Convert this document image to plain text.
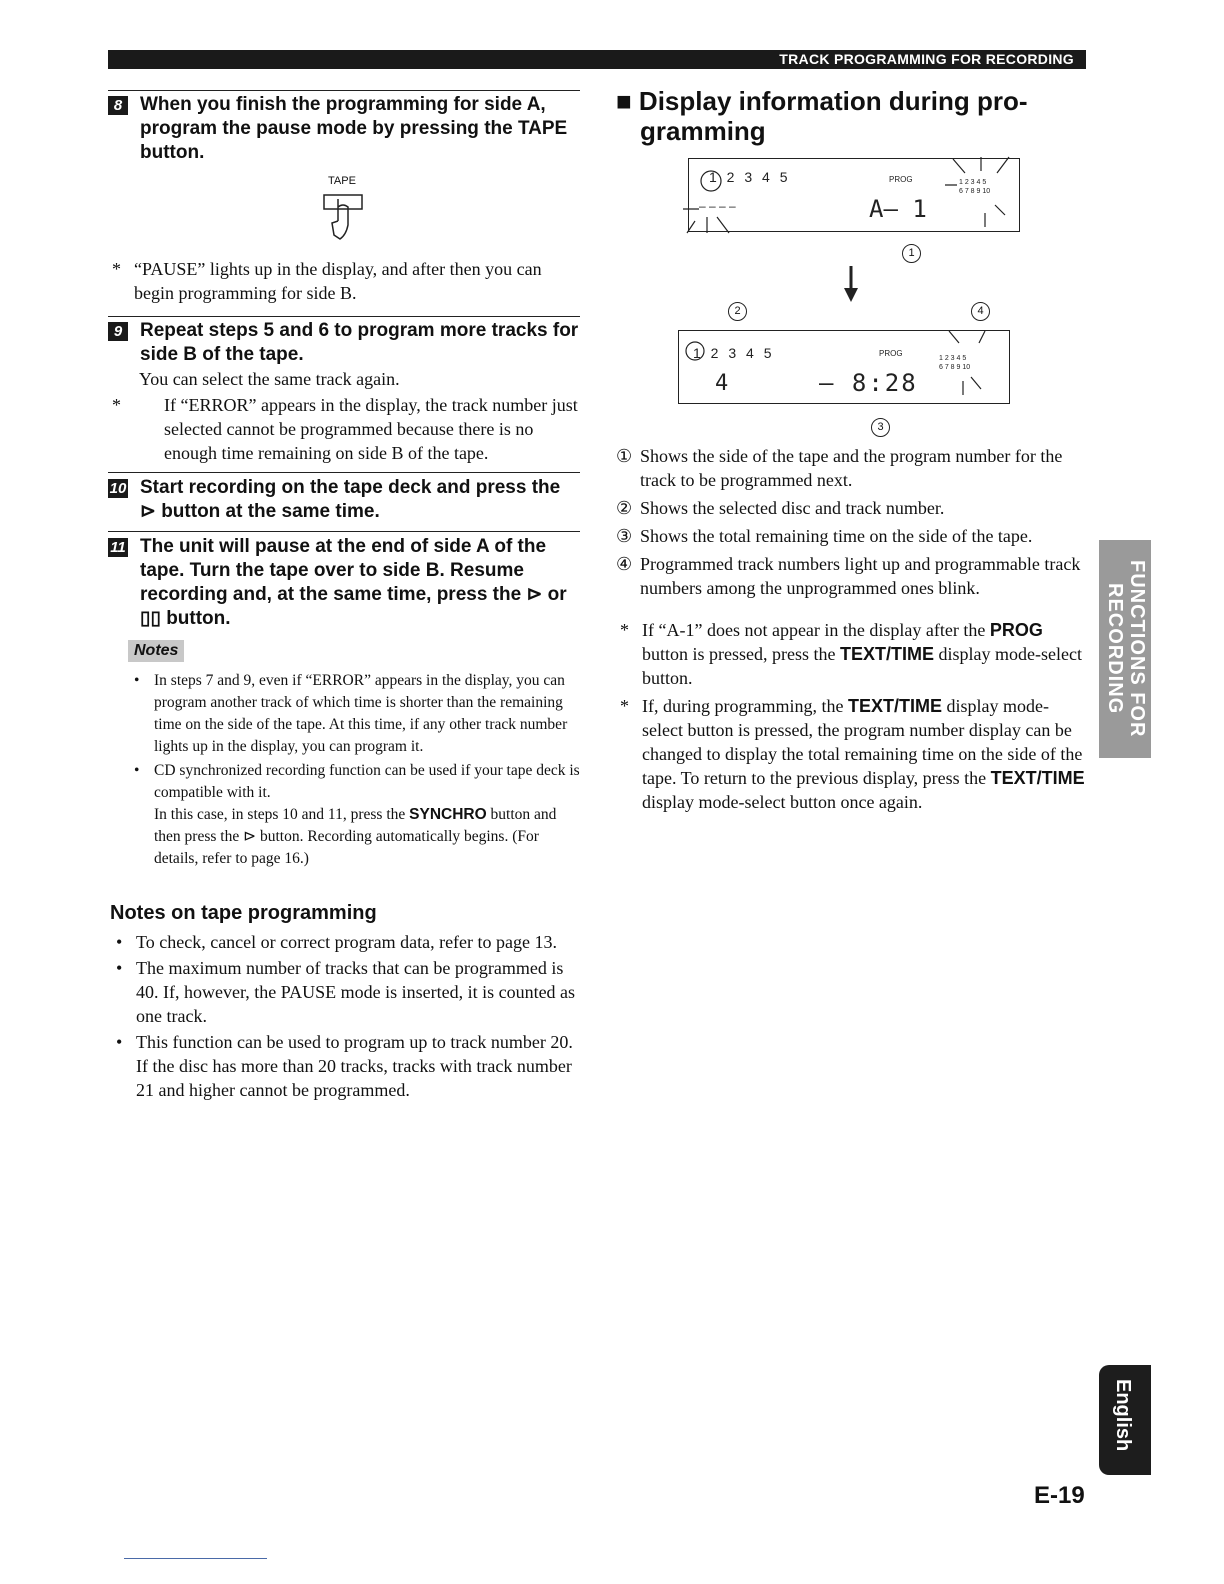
TRACK PROGRAMMING FOR RECORDING
8 When you finish the programming for side A, program the pause mode by pressing the TAPE button.
TAPE
* “PAUSE” lights up in the display, and after then you can begin programming for side B.
9 Repeat steps 5 and 6 to program more tracks for side B of the tape.
You can select the same track again.
* If “ERROR” appears in the display, the track number just selected cannot be programmed because there is no enough time remaining on side B of the tape.
10 Start recording on the tape deck and press the ⊳ button at the same time.
11 The unit will pause at the end of side A of the tape. Turn the tape over to side B. Resume recording and, at the same time, press the ⊳ or ▯▯ button.
Notes
• In steps 7 and 9, even if “ERROR” appears in the display, you can program another track of which time is shorter than the remaining time on the side of the tape. At this time, if any other track number lights up in the display, you can program it.
• CD synchronized recording function can be used if your tape deck is compatible with it.
In this case, in steps 10 and 11, press the SYNCHRO button and then press the ⊳ button. Recording automatically begins. (For details, refer to page 16.)
Notes on tape programming
• To check, cancel or correct program data, refer to page 13.
• The maximum number of tracks that can be programmed is 40. If, however, the PAUSE mode is inserted, it is counted as one track.
• This function can be used to program up to track number 20. If the disc has more than 20 tracks, tracks with track number 21 and higher cannot be programmed.
■ Display information during pro-
gramming
1 2 3 4 5	PROG	1 2 3 4 5
6 7 8 9 10
– – – –	A– 1
1
2	4
1 2 3 4 5	PROG
1 2 3 4 5
6 7 8 9 10
4	– 8:28
3
① Shows the side of the tape and the program number for the track to be programmed next.
② Shows the selected disc and track number.
③ Shows the total remaining time on the side of the tape.
④ Programmed track numbers light up and programmable track numbers among the unprogrammed ones blink.
* If “A-1” does not appear in the display after the PROG button is pressed, press the TEXT/TIME display mode-select button.
* If, during programming, the TEXT/TIME display mode-select button is pressed, the program number display can be changed to display the total remaining time on the side of the tape. To return to the previous display, press the TEXT/TIME display mode-select button once again.
FUNCTIONS FOR RECORDING
English
E-19
